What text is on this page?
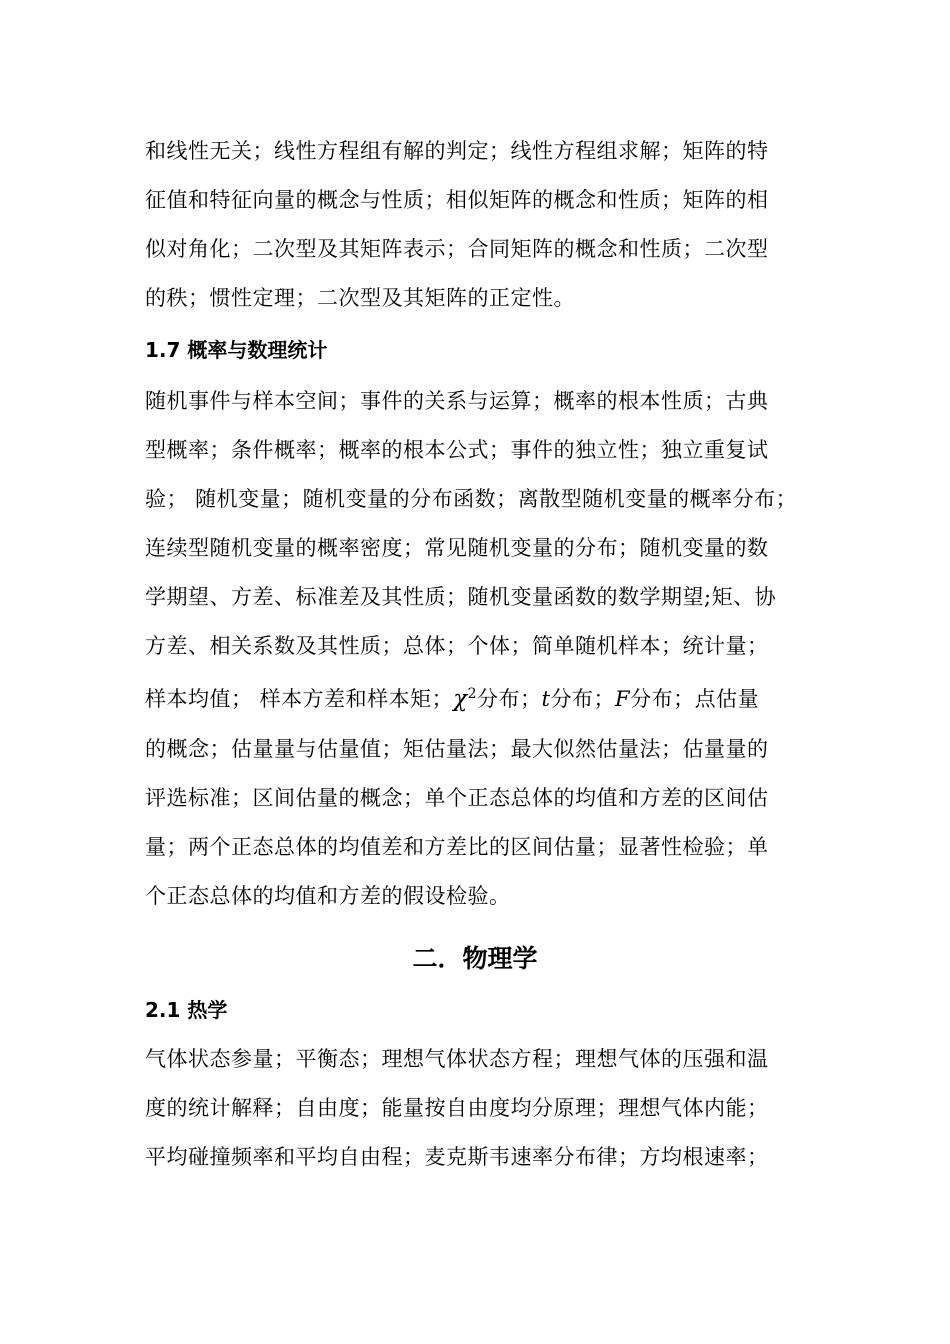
和线性无关；线性方程组有解的判定；线性方程组求解；矩阵的特
征值和特征向量的概念与性质；相似矩阵的概念和性质；矩阵的相
似对角化；二次型及其矩阵表示；合同矩阵的概念和性质；二次型
的秩；惯性定理；二次型及其矩阵的正定性。

1.7 概率与数理统计

随机事件与样本空间；事件的关系与运算；概率的根本性质；古典
型概率；条件概率；概率的根本公式；事件的独立性；独立重复试
验； 随机变量；随机变量的分布函数；离散型随机变量的概率分布；
连续型随机变量的概率密度；常见随机变量的分布；随机变量的数
学期望、方差、标准差及其性质；随机变量函数的数学期望;矩、协
方差、相关系数及其性质；总体；个体；简单随机样本；统计量；

样本均值； 样本方差和样本矩；$\chi^2$分布；t分布；F分布；点估量

的概念；估量量与估量值；矩估量法；最大似然估量法；估量量的
评选标准；区间估量的概念；单个正态总体的均值和方差的区间估
量；两个正态总体的均值差和方差比的区间估量；显著性检验；单
个正态总体的均值和方差的假设检验。

二．物理学
2.1 热学

气体状态参量；平衡态；理想气体状态方程；理想气体的压强和温
度的统计解释；自由度；能量按自由度均分原理；理想气体内能；
平均碰撞频率和平均自由程；麦克斯韦速率分布律；方均根速率；
